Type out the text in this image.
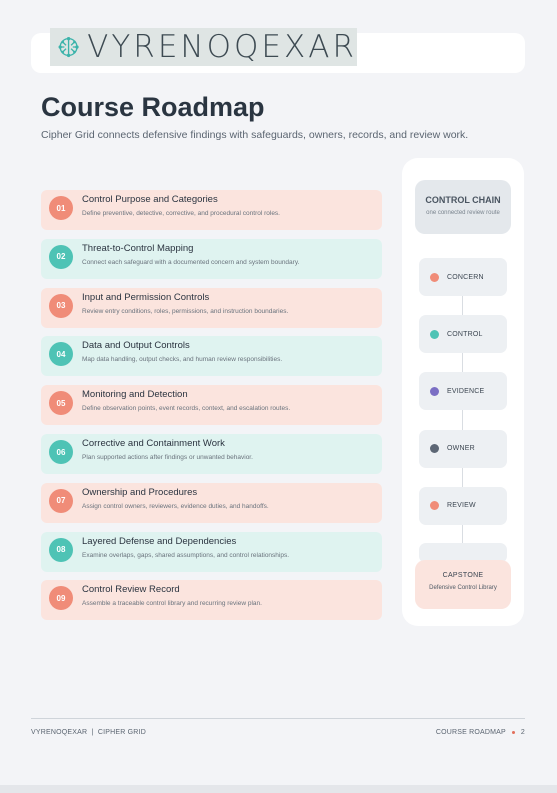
VYRENOQEXAR
Course Roadmap

Cipher Grid connects defensive findings with safeguards, owners, records, and review work.

01
Control Purpose and Categories
Define preventive, detective, corrective, and procedural control roles.
02
Threat-to-Control Mapping
Connect each safeguard with a documented concern and system boundary.
03
Input and Permission Controls
Review entry conditions, roles, permissions, and instruction boundaries.
04
Data and Output Controls
Map data handling, output checks, and human review responsibilities.
05
Monitoring and Detection
Define observation points, event records, context, and escalation routes.
06
Corrective and Containment Work
Plan supported actions after findings or unwanted behavior.
07
Ownership and Procedures
Assign control owners, reviewers, evidence duties, and handoffs.
08
Layered Defense and Dependencies
Examine overlaps, gaps, shared assumptions, and control relationships.
09
Control Review Record
Assemble a traceable control library and recurring review plan.
CONTROL CHAIN
one connected review route
CONCERN
CONTROL
EVIDENCE
OWNER
REVIEW
CAPSTONE
Defensive Control Library
VYRENOQEXAR  |  CIPHER GRID	COURSE ROADMAP 2
